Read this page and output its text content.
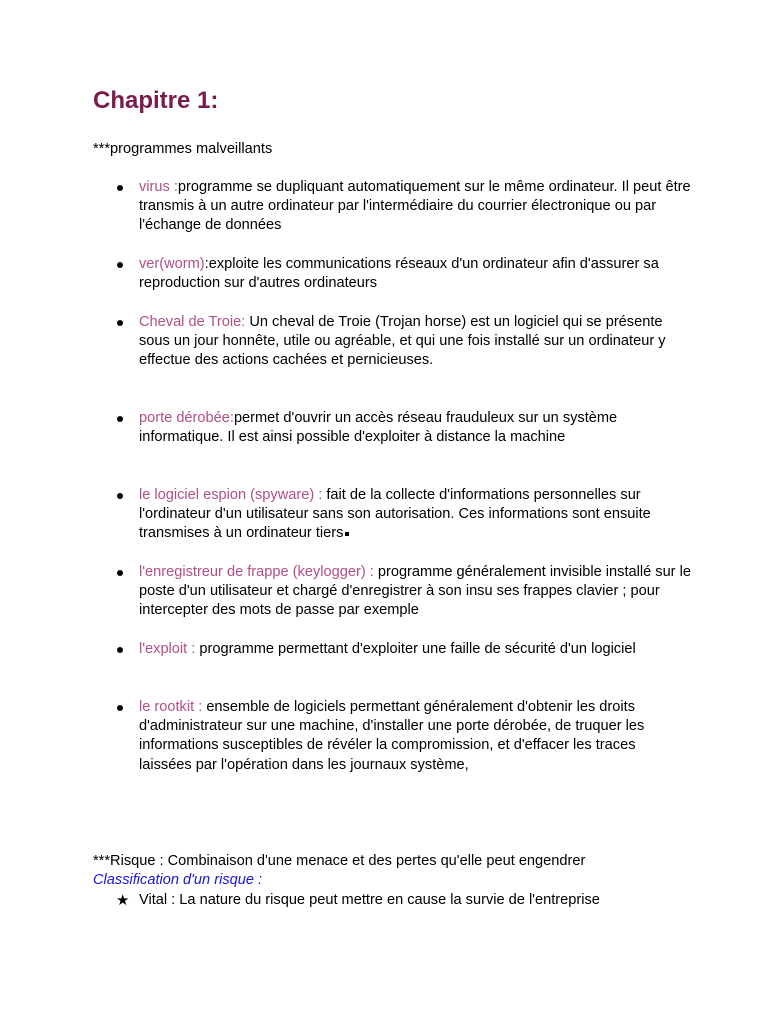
Chapitre 1:
***programmes malveillants
virus :programme se dupliquant automatiquement sur le même ordinateur. Il peut être transmis à un autre ordinateur par l'intermédiaire du courrier électronique ou par l'échange de données
ver(worm):exploite les communications réseaux d'un ordinateur afin d'assurer sa reproduction sur d'autres ordinateurs
Cheval de Troie: Un cheval de Troie (Trojan horse) est un logiciel qui se présente sous un jour honnête, utile ou agréable, et qui une fois installé sur un ordinateur y effectue des actions cachées et pernicieuses.
porte dérobée:permet d'ouvrir un accès réseau frauduleux sur un système informatique. Il est ainsi possible d'exploiter à distance la machine
le logiciel espion (spyware) : fait de la collecte d'informations personnelles sur l'ordinateur d'un utilisateur sans son autorisation. Ces informations sont ensuite transmises à un ordinateur tiers
l'enregistreur de frappe (keylogger) : programme généralement invisible installé sur le poste d'un utilisateur et chargé d'enregistrer à son insu ses frappes clavier ; pour intercepter des mots de passe par exemple
l'exploit : programme permettant d'exploiter une faille de sécurité d'un logiciel
le rootkit : ensemble de logiciels permettant généralement d'obtenir les droits d'administrateur sur une machine, d'installer une porte dérobée, de truquer les informations susceptibles de révéler la compromission, et d'effacer les traces laissées par l'opération dans les journaux système,
***Risque : Combinaison d'une menace et des pertes qu'elle peut engendrer
Classification d'un risque :
★ Vital : La nature du risque peut mettre en cause la survie de l'entreprise
